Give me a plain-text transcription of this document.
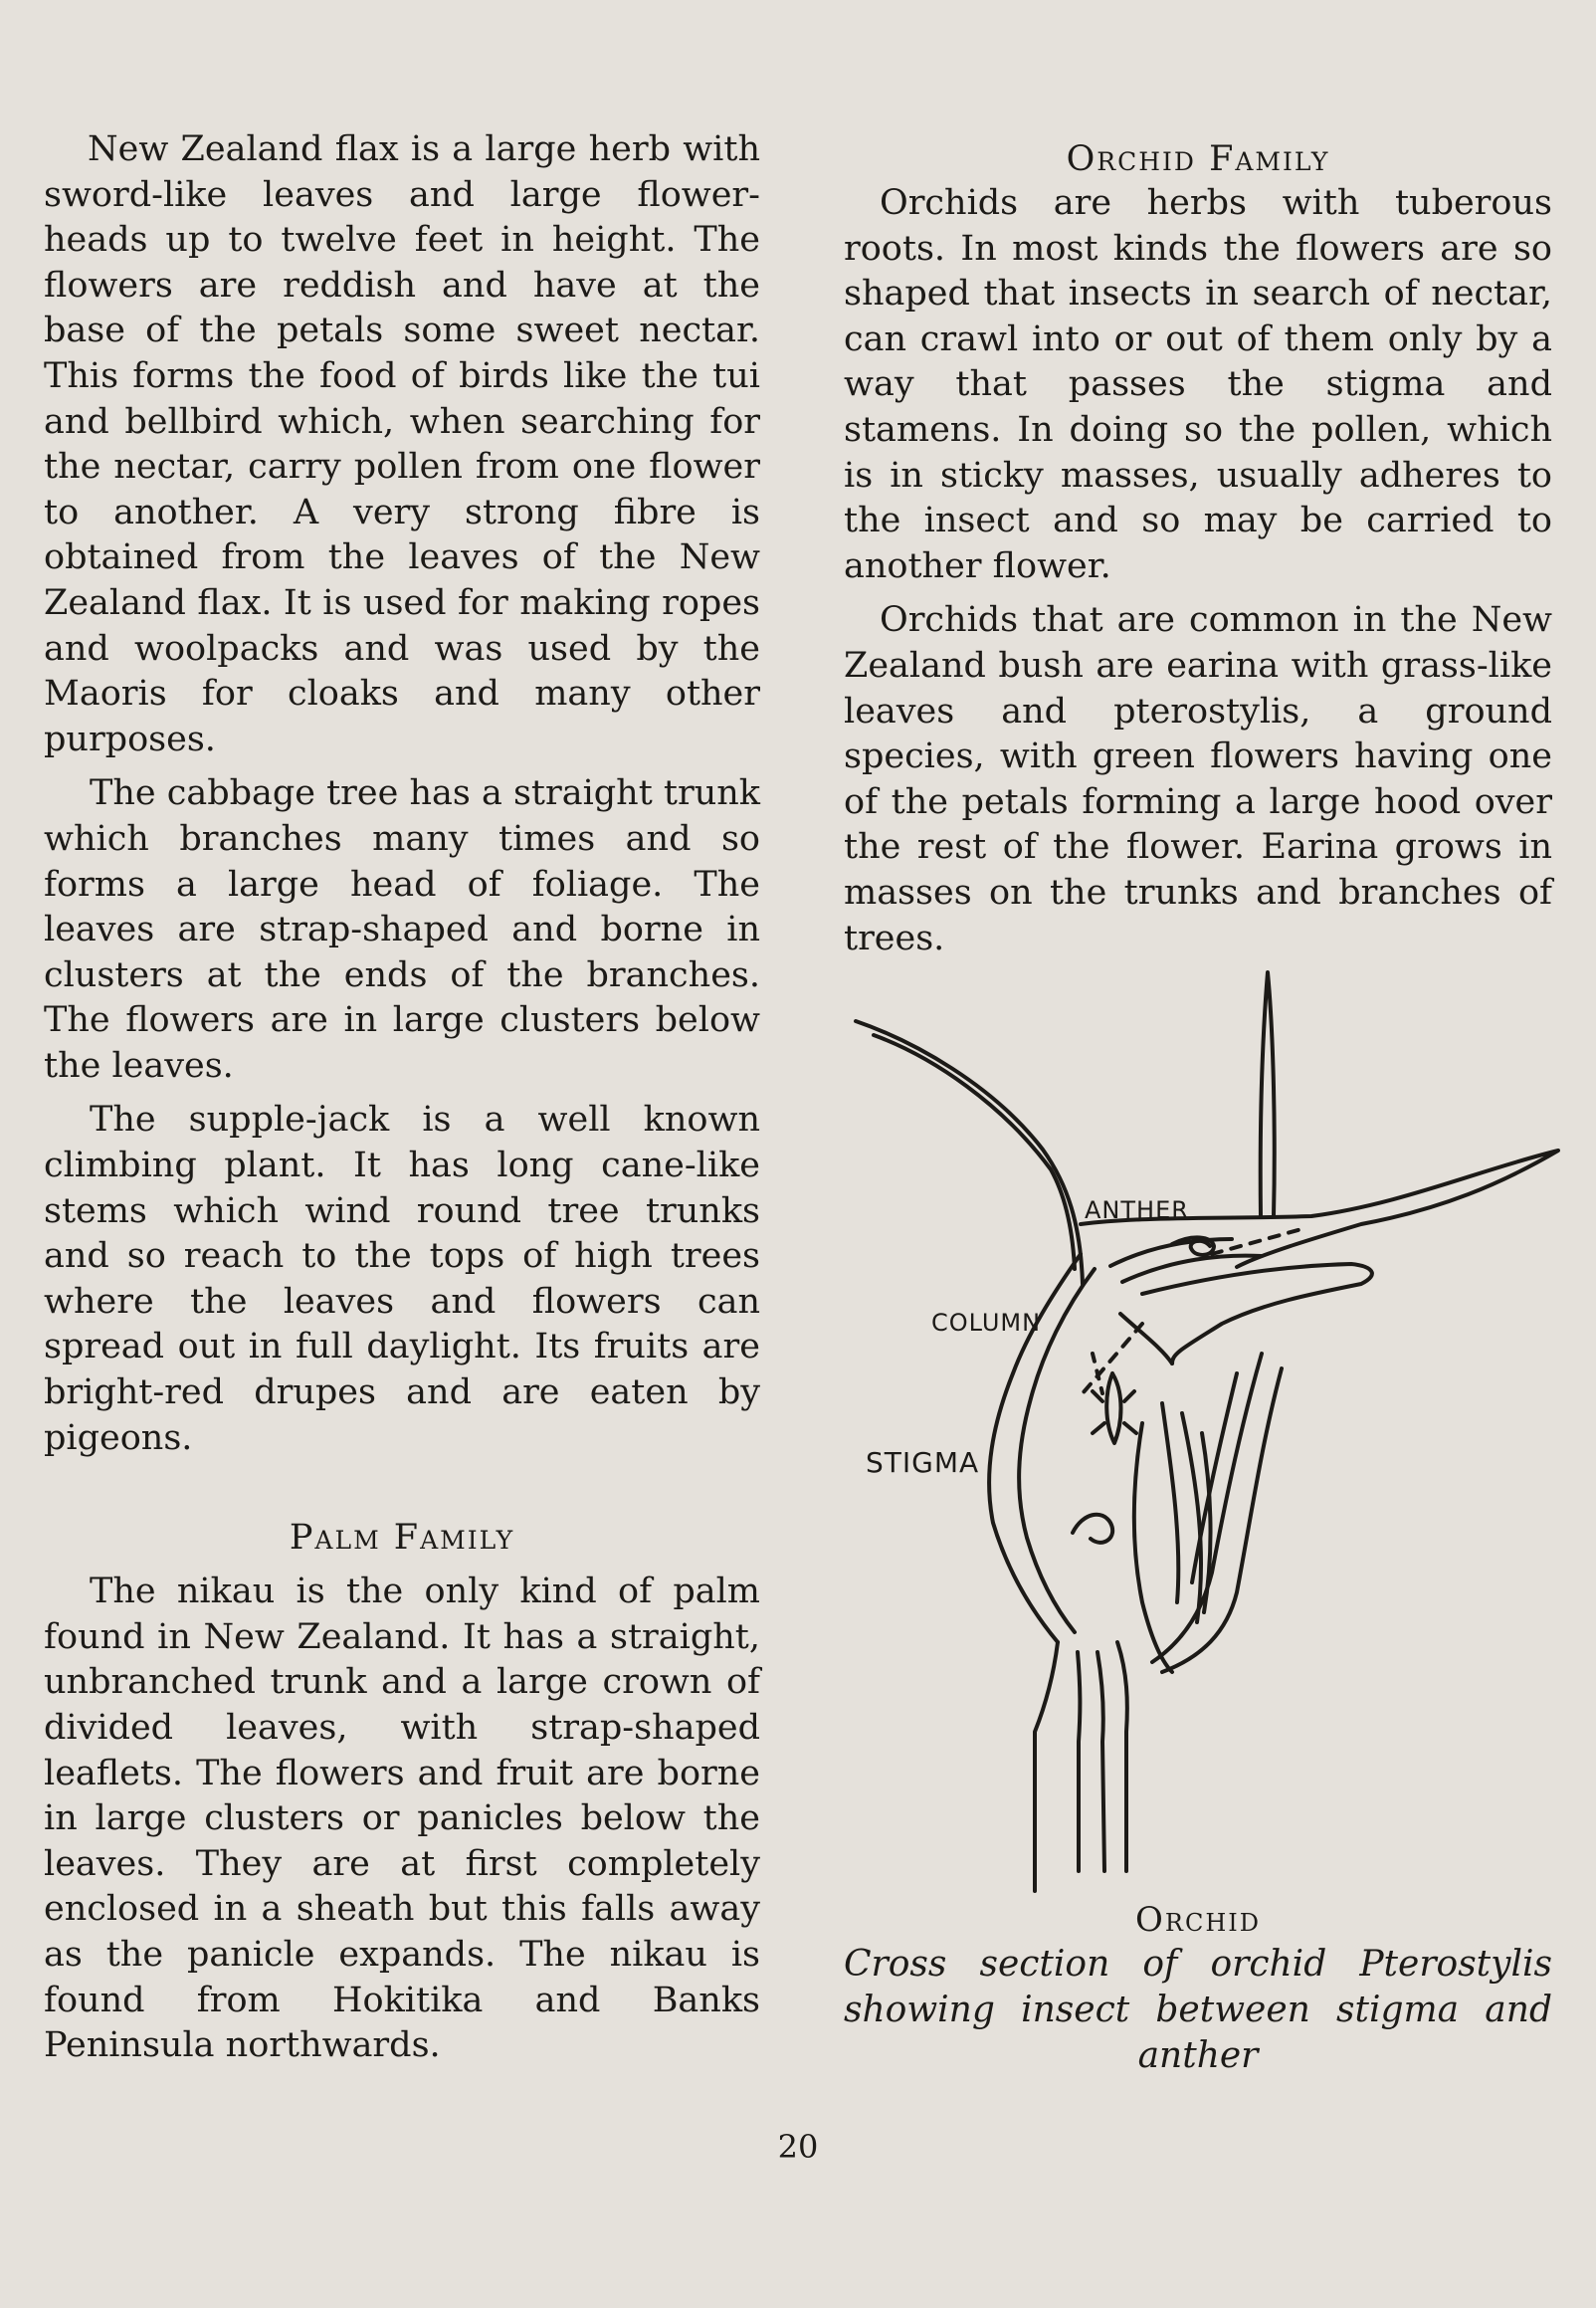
New Zealand flax is a large herb with sword-like leaves and large flower-heads up to twelve feet in height. The flowers are reddish and have at the base of the petals some sweet nectar. This forms the food of birds like the tui and bellbird which, when searching for the nectar, carry pollen from one flower to another. A very strong fibre is obtained from the leaves of the New Zealand flax. It is used for making ropes and woolpacks and was used by the Maoris for cloaks and many other purposes.

The cabbage tree has a straight trunk which branches many times and so forms a large head of foliage. The leaves are strap-shaped and borne in clusters at the ends of the branches. The flowers are in large clusters below the leaves.

The supple-jack is a well known climbing plant. It has long cane-like stems which wind round tree trunks and so reach to the tops of high trees where the leaves and flowers can spread out in full daylight. Its fruits are bright-red drupes and are eaten by pigeons.

Palm Family

The nikau is the only kind of palm found in New Zealand. It has a straight, unbranched trunk and a large crown of divided leaves, with strap-shaped leaflets. The flowers and fruit are borne in large clusters or panicles below the leaves. They are at first completely enclosed in a sheath but this falls away as the panicle expands. The nikau is found from Hokitika and Banks Peninsula northwards.

Orchid Family

Orchids are herbs with tuberous roots. In most kinds the flowers are so shaped that insects in search of nectar, can crawl into or out of them only by a way that passes the stigma and stamens. In doing so the pollen, which is in sticky masses, usually adheres to the insect and so may be carried to another flower.

Orchids that are common in the New Zealand bush are earina with grass-like leaves and pterostylis, a ground species, with green flowers having one of the petals forming a large hood over the rest of the flower. Earina grows in masses on the trunks and branches of trees.

ANTHER
COLUMN
STIGMA

Orchid

Cross section of orchid Pterostylis showing insect between stigma and anther

20
